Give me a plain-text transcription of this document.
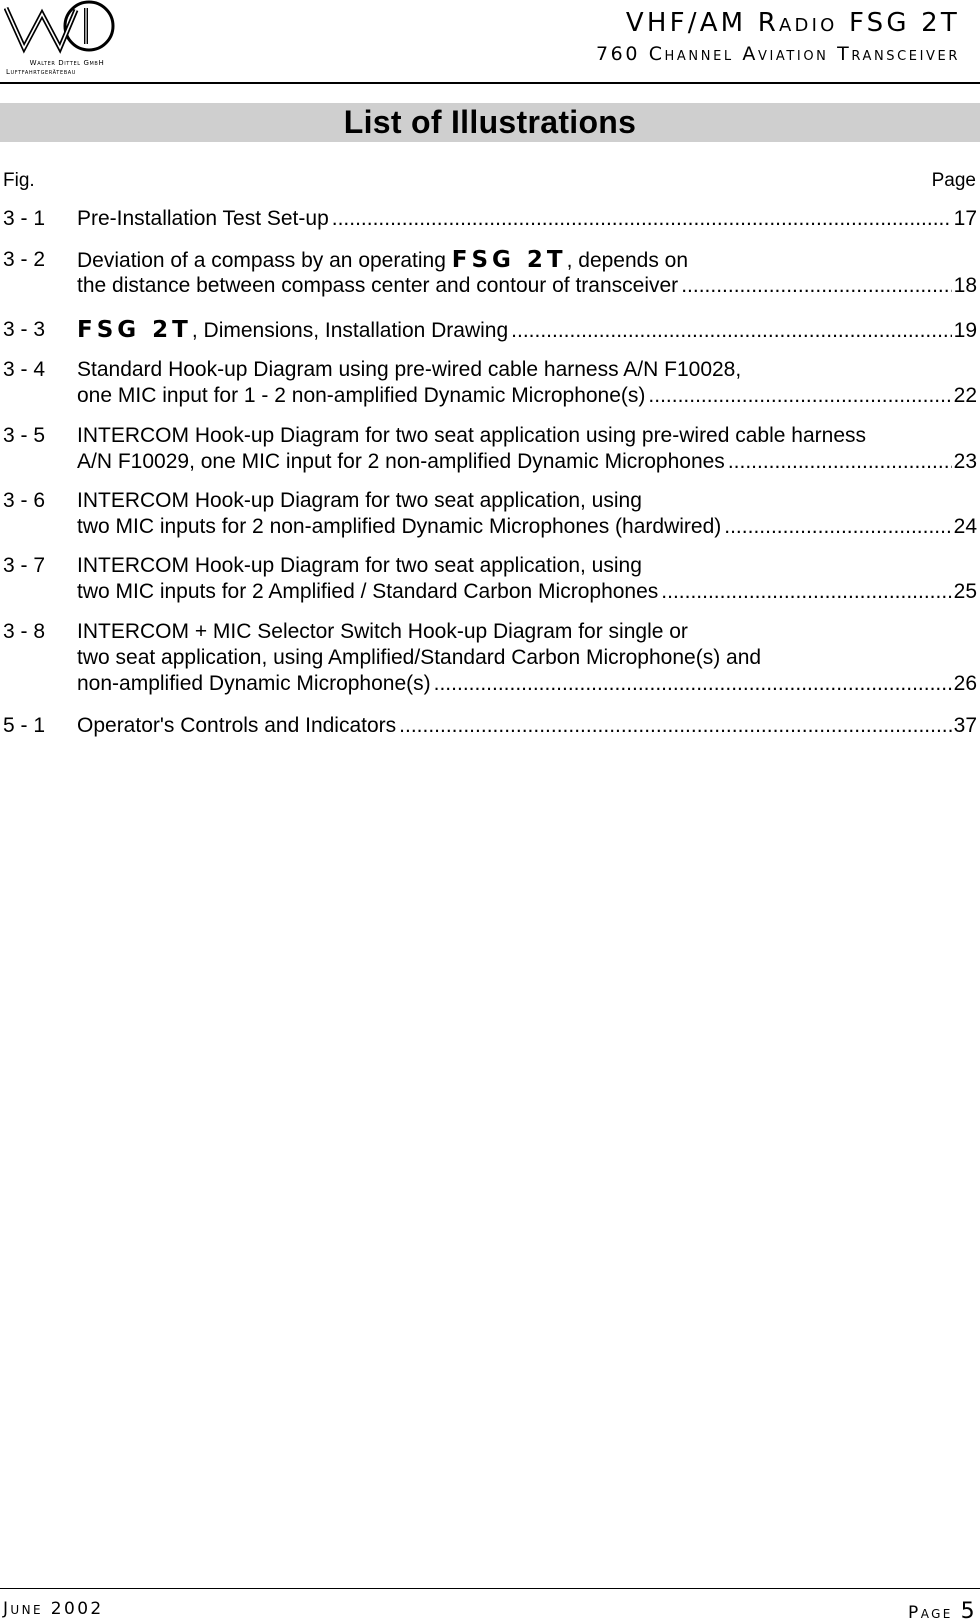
Walter Dittel GmbH
Luftfahrtgerätebau
VHF/AM Radio FSG 2T
760 Channel Aviation Transceiver
List of Illustrations
Fig.	Page
3 - 1 Pre-Installation Test Set-up .....	17
3 - 2 Deviation of a compass by an operating FSG 2T, depends on
the distance between compass center and contour of transceiver .....	18
3 - 3 FSG 2T, Dimensions, Installation Drawing .....	19
3 - 4 Standard Hook-up Diagram using pre-wired cable harness A/N F10028,
one MIC input for 1 - 2 non-amplified Dynamic Microphone(s) .....	22
3 - 5 INTERCOM Hook-up Diagram for two seat application using pre-wired cable harness
A/N F10029, one MIC input for 2 non-amplified Dynamic Microphones .....	23
3 - 6 INTERCOM Hook-up Diagram for two seat application, using
two MIC inputs for 2 non-amplified Dynamic Microphones (hardwired) .....	24
3 - 7 INTERCOM Hook-up Diagram for two seat application, using
two MIC inputs for 2 Amplified / Standard Carbon Microphones .....	25
3 - 8 INTERCOM + MIC Selector Switch Hook-up Diagram for single or
two seat application, using Amplified/Standard Carbon Microphone(s) and
non-amplified Dynamic Microphone(s) .....	26
5 - 1 Operator's Controls and Indicators .....	37
June 2002	Page 5
